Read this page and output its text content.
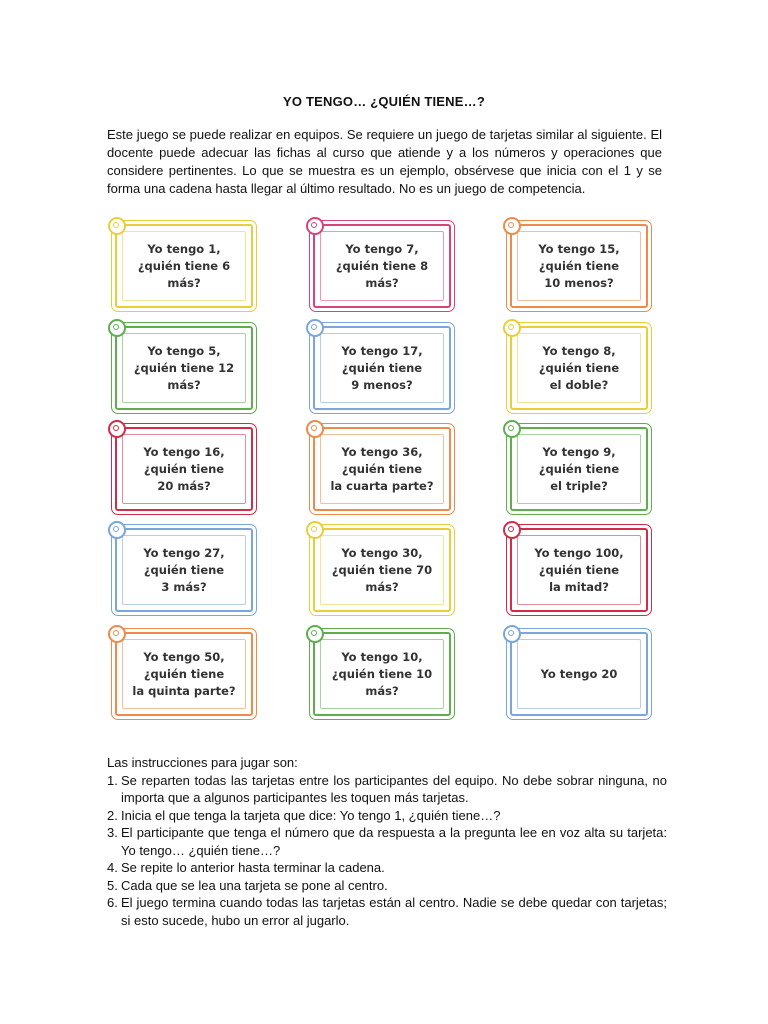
YO TENGO… ¿QUIÉN TIENE…?
Este juego se puede realizar en equipos. Se requiere un juego de tarjetas similar al siguiente. El docente puede adecuar las fichas al curso que atiende y a los números y operaciones que considere pertinentes. Lo que se muestra es un ejemplo, obsérvese que inicia con el 1 y se forma una cadena hasta llegar al último resultado. No es un juego de competencia.
Yo tengo 1,
¿quién tiene 6 más?
Yo tengo 7,
¿quién tiene 8 más?
Yo tengo 15,
¿quién tiene
10 menos?
Yo tengo 5,
¿quién tiene 12 más?
Yo tengo 17,
¿quién tiene
9 menos?
Yo tengo 8,
¿quién tiene
el doble?
Yo tengo 16,
¿quién tiene
20 más?
Yo tengo 36,
¿quién tiene
la cuarta parte?
Yo tengo 9,
¿quién tiene
el triple?
Yo tengo 27,
¿quién tiene
3 más?
Yo tengo 30,
¿quién tiene 70 más?
Yo tengo 100,
¿quién tiene
la mitad?
Yo tengo 50,
¿quién tiene
la quinta parte?
Yo tengo 10,
¿quién tiene 10 más?
Yo tengo 20
Las instrucciones para jugar son:
1. Se reparten todas las tarjetas entre los participantes del equipo. No debe sobrar ninguna, no importa que a algunos participantes les toquen más tarjetas.
2. Inicia el que tenga la tarjeta que dice: Yo tengo 1, ¿quién tiene…?
3. El participante que tenga el número que da respuesta a la pregunta lee en voz alta su tarjeta: Yo tengo… ¿quién tiene…?
4. Se repite lo anterior hasta terminar la cadena.
5. Cada que se lea una tarjeta se pone al centro.
6. El juego termina cuando todas las tarjetas están al centro. Nadie se debe quedar con tarjetas; si esto sucede, hubo un error al jugarlo.
